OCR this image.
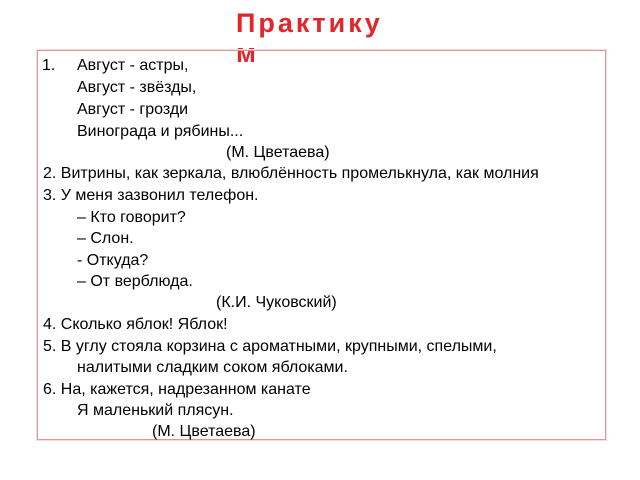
Практикум
1. Август - астры,
Август - звёзды,
Август - грозди
Винограда и рябины...
(М. Цветаева)
2. Витрины, как зеркала, влюблённость промелькнула, как молния
3. У меня зазвонил телефон.
– Кто говорит?
– Слон.
- Откуда?
– От верблюда.
(К.И. Чуковский)
4. Сколько яблок! Яблок!
5. В углу стояла корзина с ароматными, крупными, спелыми,
налитыми сладким соком яблоками.
6. На, кажется, надрезанном канате
Я маленький плясун.
(М. Цветаева)
